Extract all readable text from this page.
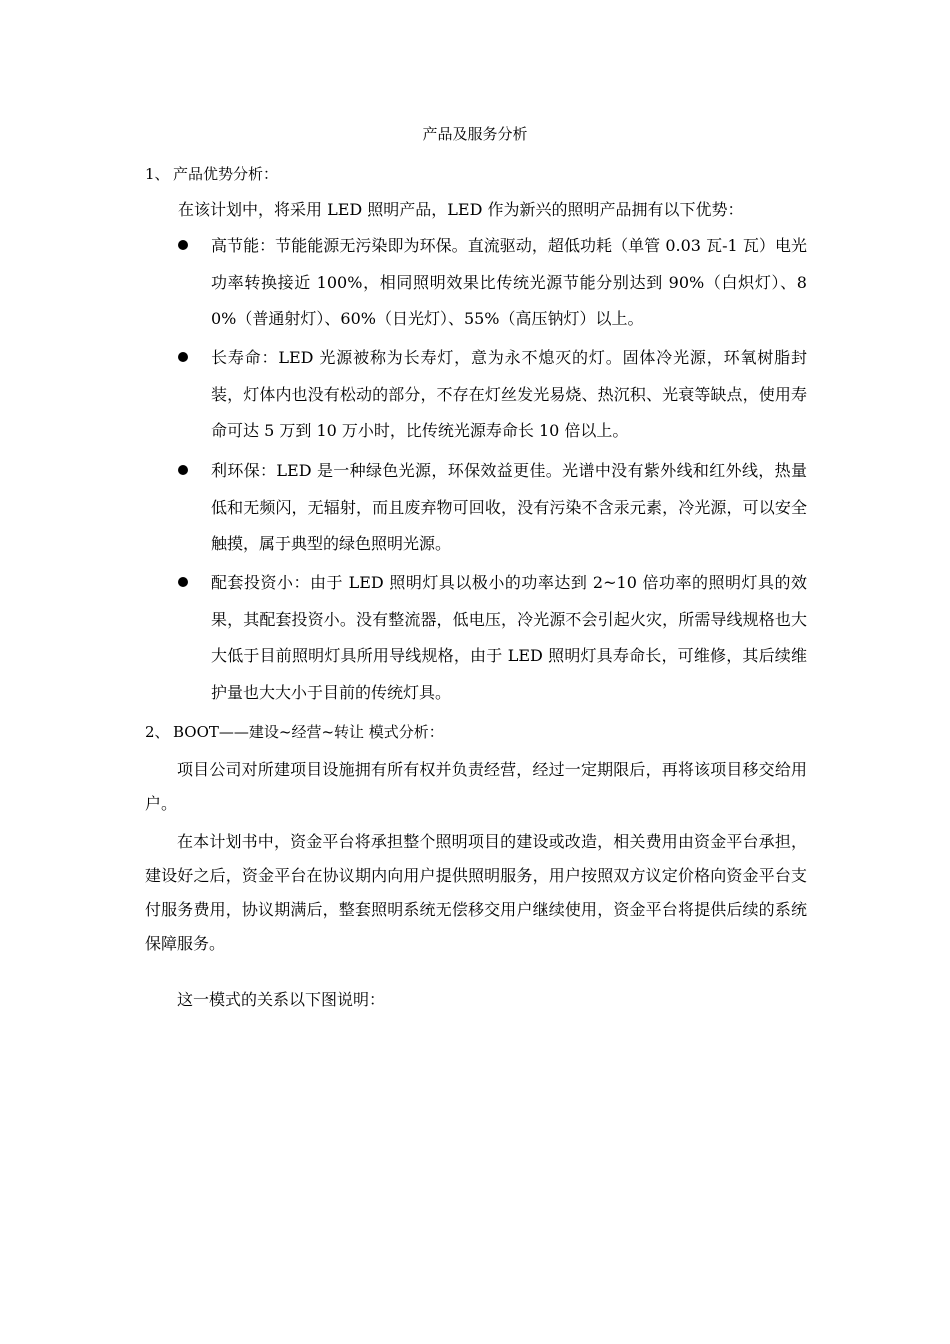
产品及服务分析
1、 产品优势分析：
在该计划中，将采用 LED 照明产品，LED 作为新兴的照明产品拥有以下优势：
高节能：节能能源无污染即为环保。直流驱动，超低功耗（单管 0.03 瓦-1 瓦）电光功率转换接近 100%，相同照明效果比传统光源节能分别达到 90%（白炽灯）、80%（普通射灯）、60%（日光灯）、55%（高压钠灯）以上。
长寿命：LED 光源被称为长寿灯，意为永不熄灭的灯。固体冷光源，环氧树脂封装，灯体内也没有松动的部分，不存在灯丝发光易烧、热沉积、光衰等缺点，使用寿命可达 5 万到 10 万小时，比传统光源寿命长 10 倍以上。
利环保：LED 是一种绿色光源，环保效益更佳。光谱中没有紫外线和红外线，热量低和无频闪，无辐射，而且废弃物可回收，没有污染不含汞元素，冷光源，可以安全触摸，属于典型的绿色照明光源。
配套投资小：由于 LED 照明灯具以极小的功率达到 2~10 倍功率的照明灯具的效果，其配套投资小。没有整流器，低电压，冷光源不会引起火灾，所需导线规格也大大低于目前照明灯具所用导线规格，由于 LED 照明灯具寿命长，可维修，其后续维护量也大大小于目前的传统灯具。
2、 BOOT——建设~经营~转让 模式分析：
项目公司对所建项目设施拥有所有权并负责经营，经过一定期限后，再将该项目移交给用户。
在本计划书中，资金平台将承担整个照明项目的建设或改造，相关费用由资金平台承担，建设好之后，资金平台在协议期内向用户提供照明服务，用户按照双方议定价格向资金平台支付服务费用，协议期满后，整套照明系统无偿移交用户继续使用，资金平台将提供后续的系统保障服务。
这一模式的关系以下图说明：
